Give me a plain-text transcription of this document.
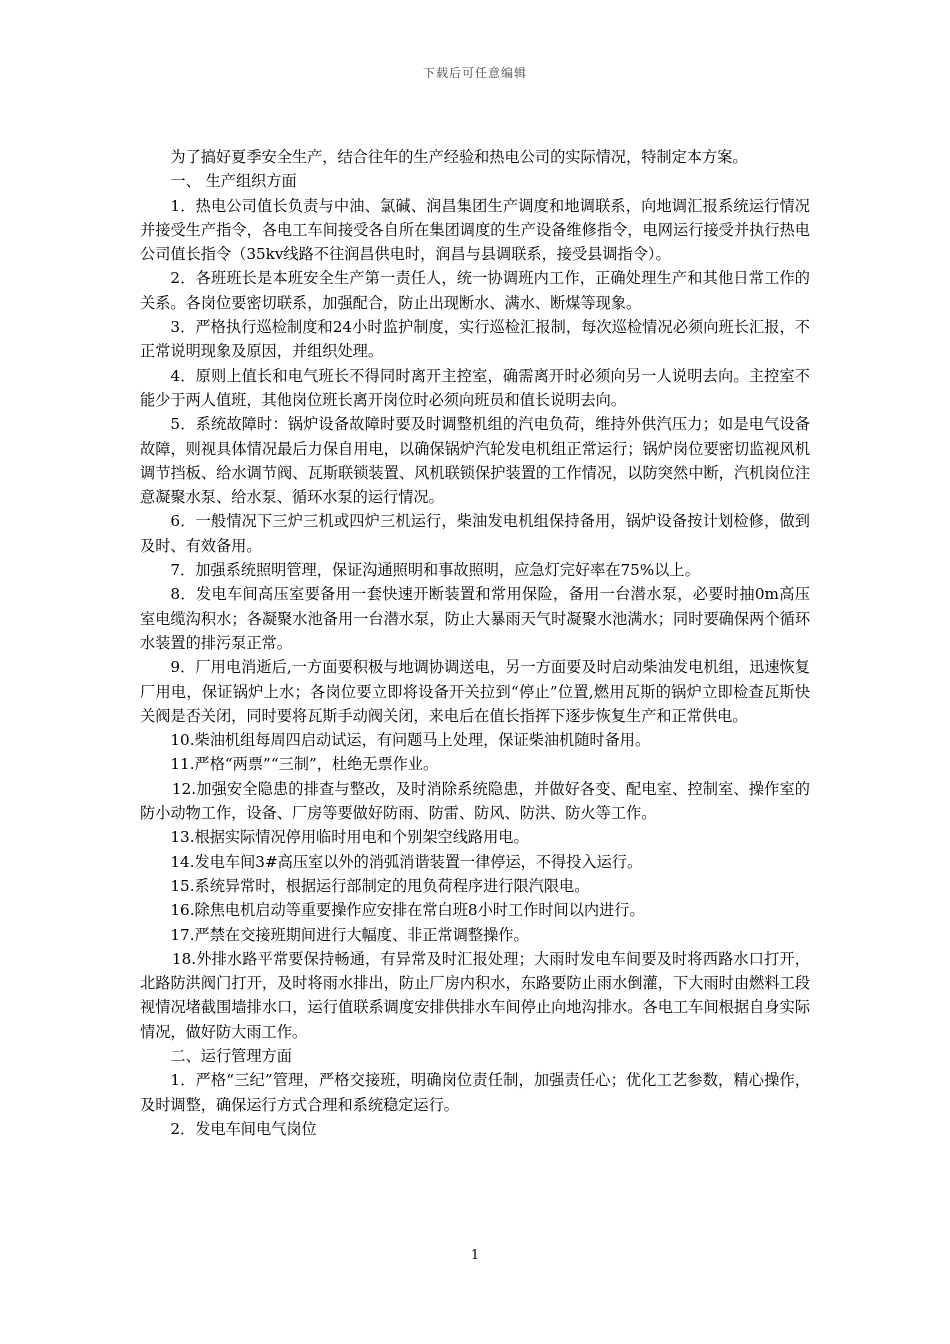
下载后可任意编辑

为了搞好夏季安全生产，结合往年的生产经验和热电公司的实际情况，特制定本方案。

一、 生产组织方面

1．热电公司值长负责与中油、氯碱、润昌集团生产调度和地调联系，向地调汇报系统运行情况并接受生产指令，各电工车间接受各自所在集团调度的生产设备维修指令，电网运行接受并执行热电公司值长指令（35kv线路不往润昌供电时，润昌与县调联系，接受县调指令）。

2．各班班长是本班安全生产第一责任人，统一协调班内工作，正确处理生产和其他日常工作的关系。各岗位要密切联系，加强配合，防止出现断水、满水、断煤等现象。

3．严格执行巡检制度和24小时监护制度，实行巡检汇报制，每次巡检情况必须向班长汇报，不正常说明现象及原因，并组织处理。

4．原则上值长和电气班长不得同时离开主控室，确需离开时必须向另一人说明去向。主控室不能少于两人值班，其他岗位班长离开岗位时必须向班员和值长说明去向。

5．系统故障时：锅炉设备故障时要及时调整机组的汽电负荷，维持外供汽压力；如是电气设备故障，则视具体情况最后力保自用电，以确保锅炉汽轮发电机组正常运行；锅炉岗位要密切监视风机调节挡板、给水调节阀、瓦斯联锁装置、风机联锁保护装置的工作情况，以防突然中断，汽机岗位注意凝聚水泵、给水泵、循环水泵的运行情况。

6．一般情况下三炉三机或四炉三机运行，柴油发电机组保持备用，锅炉设备按计划检修，做到及时、有效备用。

7．加强系统照明管理，保证沟通照明和事故照明，应急灯完好率在75%以上。

8．发电车间高压室要备用一套快速开断装置和常用保险，备用一台潜水泵，必要时抽0m高压室电缆沟积水；各凝聚水池备用一台潜水泵，防止大暴雨天气时凝聚水池满水；同时要确保两个循环水装置的排污泵正常。

9．厂用电消逝后,一方面要积极与地调协调送电，另一方面要及时启动柴油发电机组，迅速恢复厂用电，保证锅炉上水；各岗位要立即将设备开关拉到“停止”位置,燃用瓦斯的锅炉立即检查瓦斯快关阀是否关闭，同时要将瓦斯手动阀关闭，来电后在值长指挥下逐步恢复生产和正常供电。

10.柴油机组每周四启动试运，有问题马上处理，保证柴油机随时备用。

11.严格“两票”“三制”，杜绝无票作业。

12.加强安全隐患的排查与整改，及时消除系统隐患，并做好各变、配电室、控制室、操作室的防小动物工作，设备、厂房等要做好防雨、防雷、防风、防洪、防火等工作。

13.根据实际情况停用临时用电和个别架空线路用电。

14.发电车间3#高压室以外的消弧消谐装置一律停运，不得投入运行。

15.系统异常时，根据运行部制定的甩负荷程序进行限汽限电。

16.除焦电机启动等重要操作应安排在常白班8小时工作时间以内进行。

17.严禁在交接班期间进行大幅度、非正常调整操作。

18.外排水路平常要保持畅通，有异常及时汇报处理；大雨时发电车间要及时将西路水口打开，北路防洪阀门打开，及时将雨水排出，防止厂房内积水，东路要防止雨水倒灌，下大雨时由燃料工段视情况堵截围墙排水口，运行值联系调度安排供排水车间停止向地沟排水。各电工车间根据自身实际情况，做好防大雨工作。

二、运行管理方面

1．严格“三纪”管理，严格交接班，明确岗位责任制，加强责任心；优化工艺参数，精心操作，及时调整，确保运行方式合理和系统稳定运行。

2．发电车间电气岗位

1
